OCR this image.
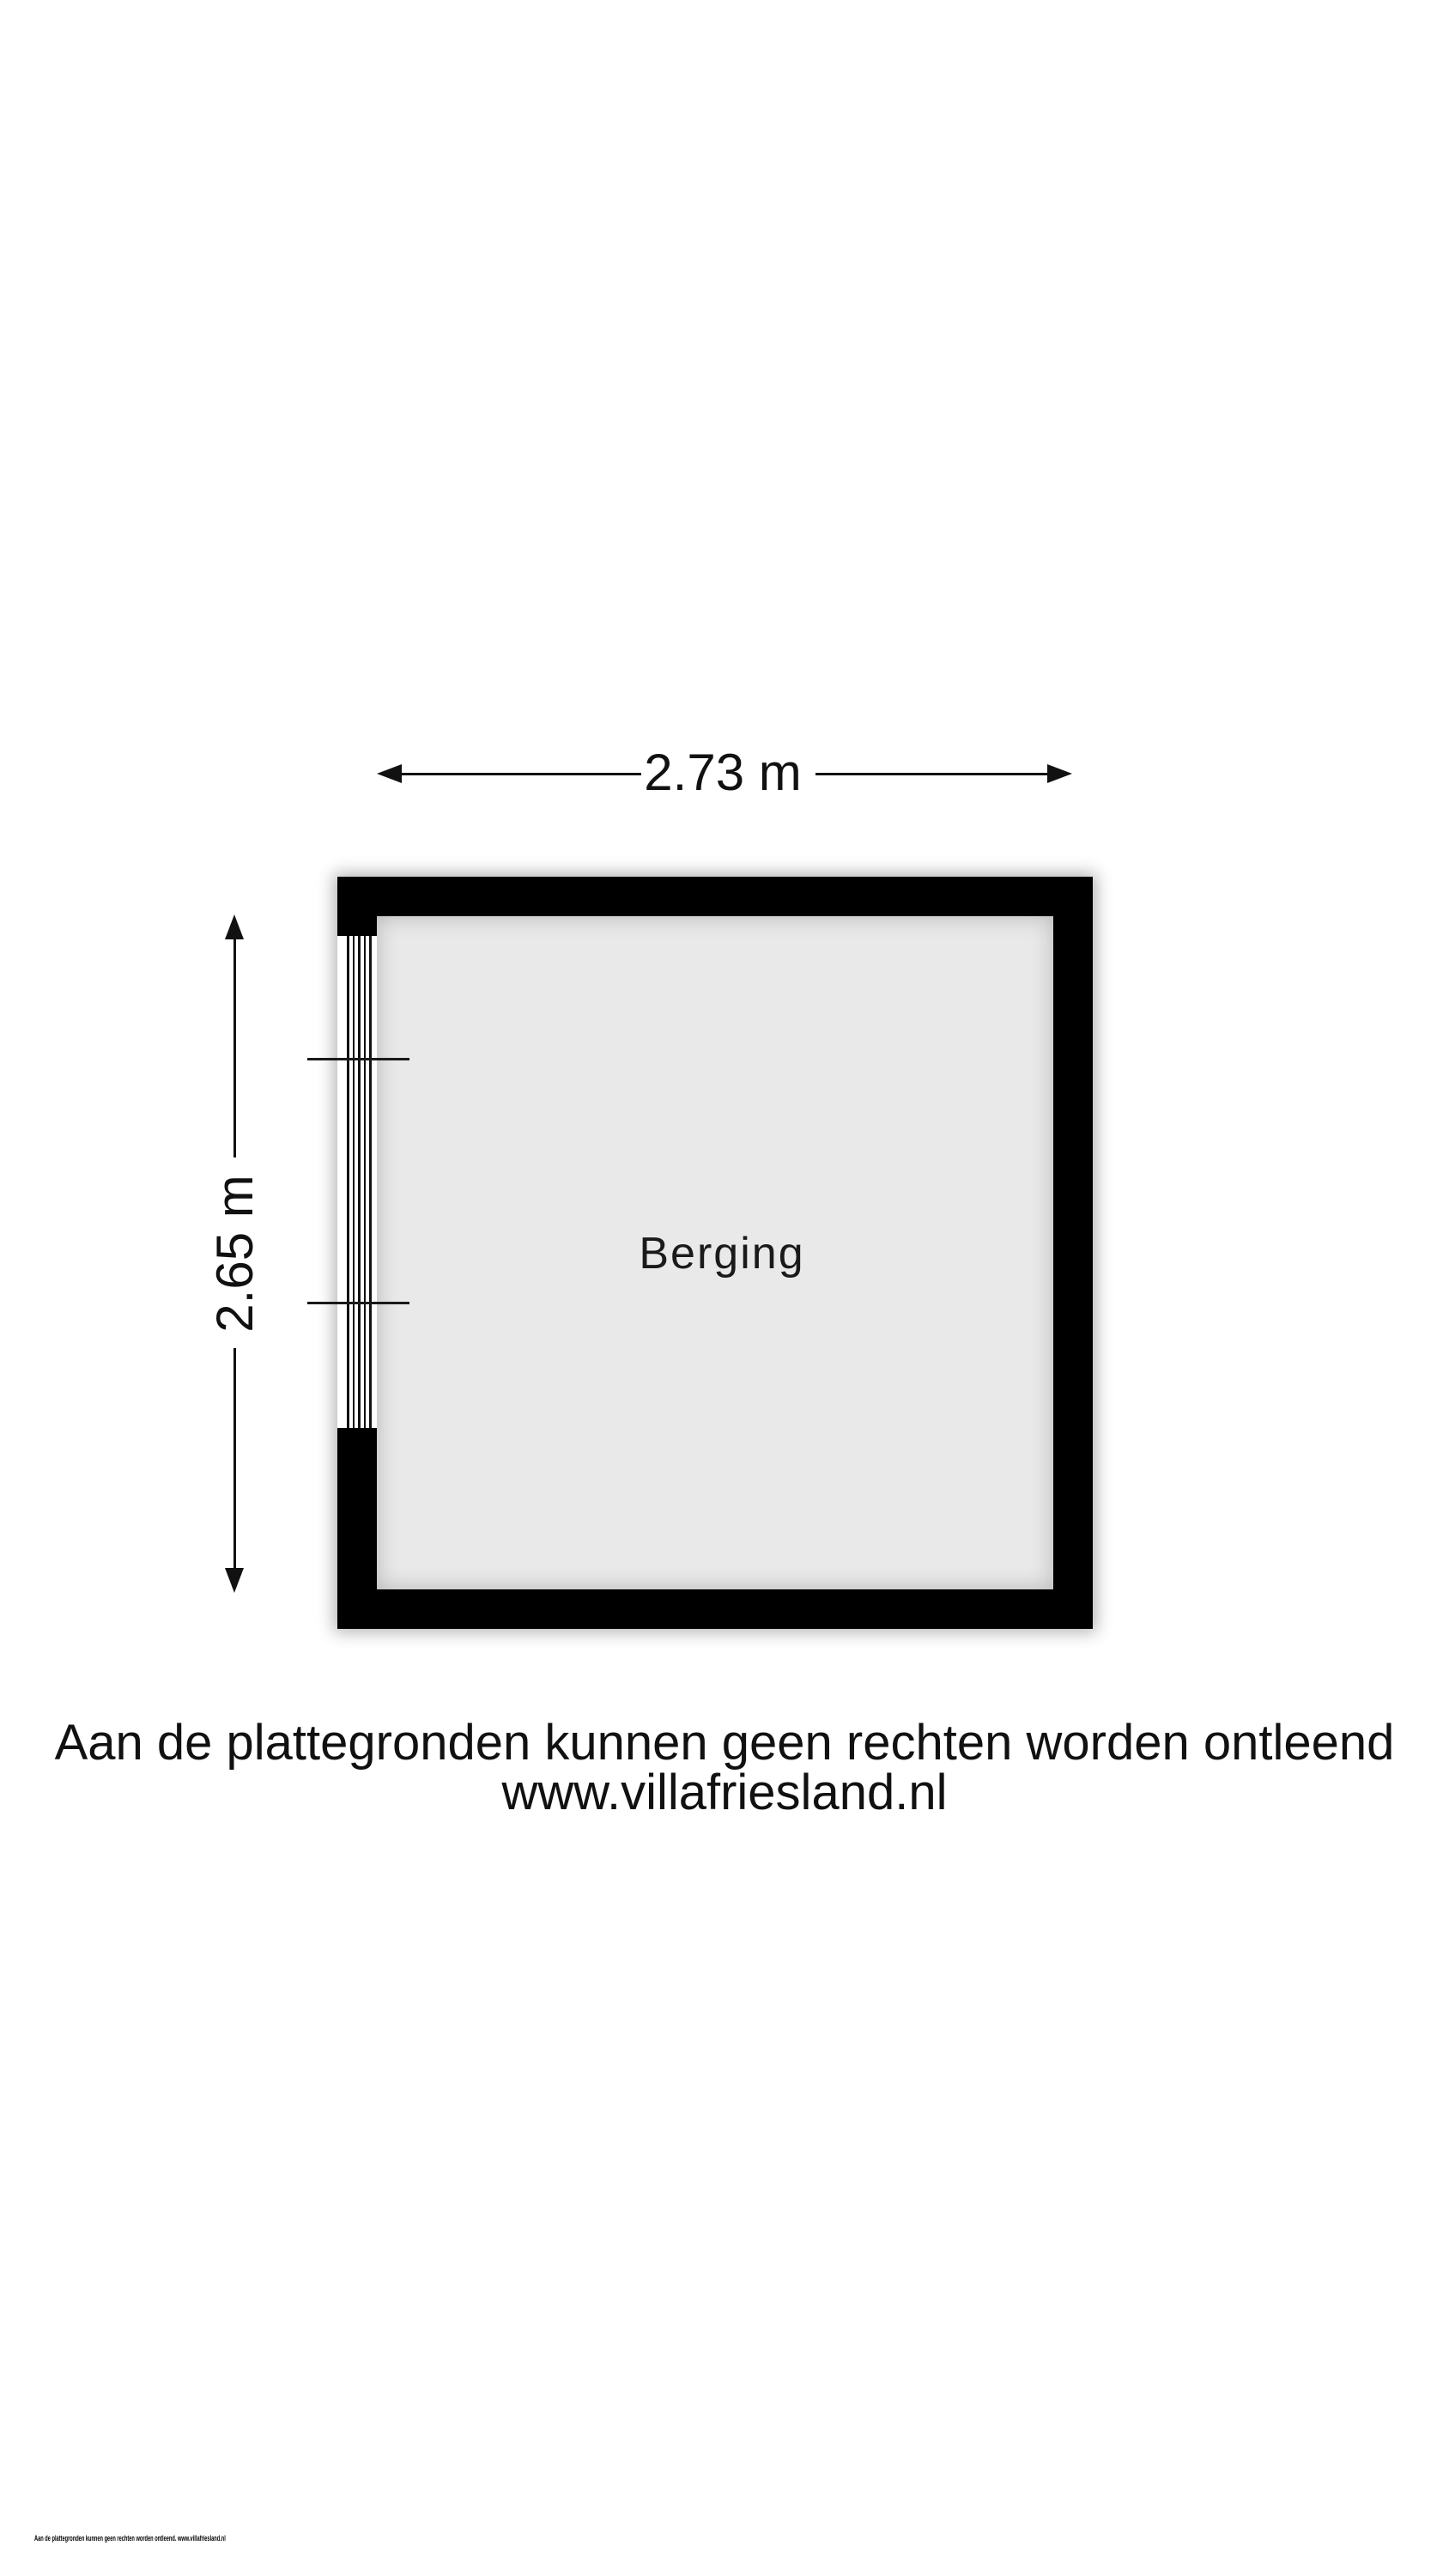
2.73 m
2.65 m	Berging
Aan de plattegronden kunnen geen rechten worden ontleend
www.villafriesland.nl
Aan de plattegronden kunnen geen rechten worden ontleend. www.villafriesland.nl
